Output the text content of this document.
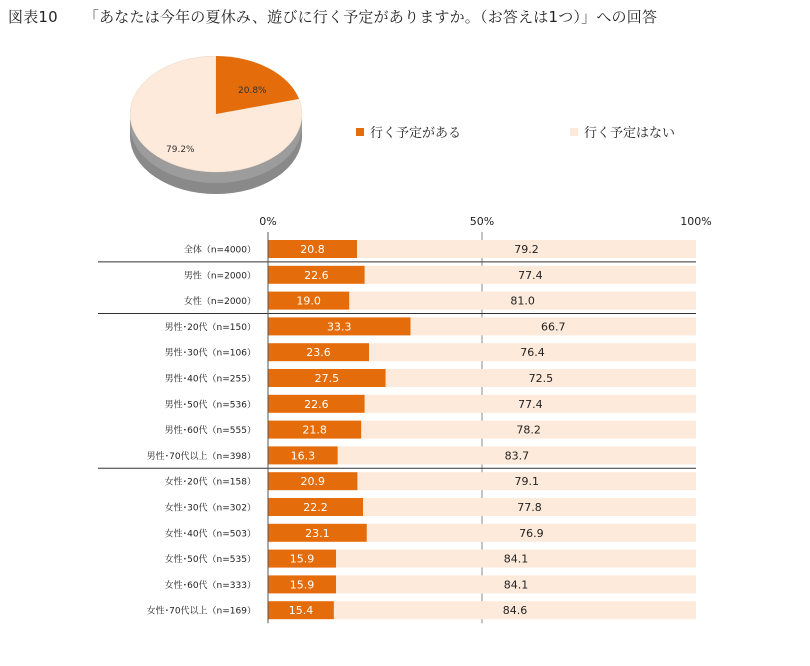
図表10 「あなたは今年の夏休み、遊びに行く予定がありますか。（お答えは1つ）」への回答
20.8%
79.2%
行く予定がある	行く予定はない
0%	50%	100%
全体（n=4000）	20.8	79.2
男性（n=2000）	22.6	77.4
女性（n=2000）	19.0	81.0
男性･20代（n=150）	33.3	66.7
男性･30代（n=106）	23.6	76.4
男性･40代（n=255）	27.5	72.5
男性･50代（n=536）	22.6	77.4
男性･60代（n=555）	21.8	78.2
男性･70代以上（n=398）	16.3	83.7
女性･20代（n=158）	20.9	79.1
女性･30代（n=302）	22.2	77.8
女性･40代（n=503）	23.1	76.9
女性･50代（n=535）	15.9	84.1
女性･60代（n=333）	15.9	84.1
女性･70代以上（n=169）	15.4	84.6
